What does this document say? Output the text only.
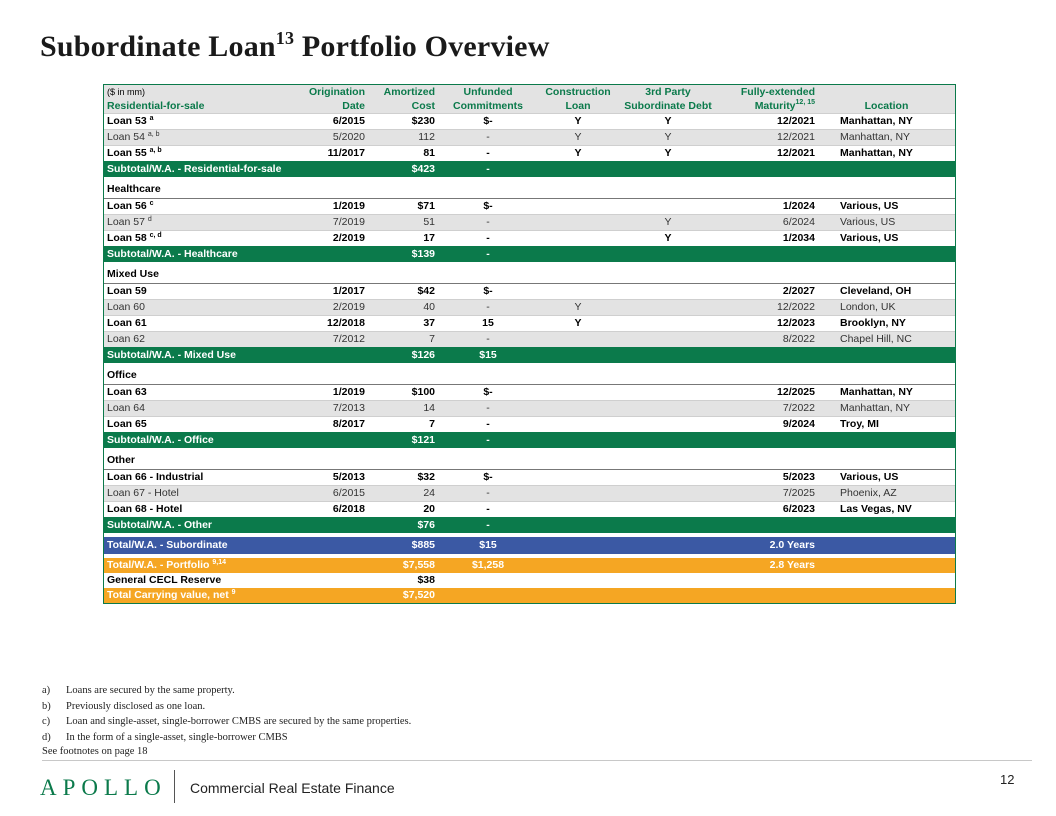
Subordinate Loan$^{13}$ Portfolio Overview
($ in mm)	Origination	Amortized	Unfunded	Construction	3rd Party	Fully-extended	
Residential-for-sale	Date	Cost	Commitments	Loan	Subordinate Debt	Maturity$^{12, 15}$	Location
Loan 53 $^a$	6/2015	$230	$-	Y	Y	12/2021	Manhattan, NY
Loan 54 $^{a, b}$	5/2020	112	-	Y	Y	12/2021	Manhattan, NY
Loan 55 $^{a, b}$	11/2017	81	-	Y	Y	12/2021	Manhattan, NY
Subtotal/W.A. - Residential-for-sale		$423	-				
Healthcare							
Loan 56 $^c$	1/2019	$71	$-			1/2024	Various, US
Loan 57 $^d$	7/2019	51	-		Y	6/2024	Various, US
Loan 58 $^{c, d}$	2/2019	17	-		Y	1/2034	Various, US
Subtotal/W.A. - Healthcare		$139	-				
Mixed Use							
Loan 59	1/2017	$42	$-			2/2027	Cleveland, OH
Loan 60	2/2019	40	-	Y		12/2022	London, UK
Loan 61	12/2018	37	15	Y		12/2023	Brooklyn, NY
Loan 62	7/2012	7	-			8/2022	Chapel Hill, NC
Subtotal/W.A. - Mixed Use		$126	$15				
Office							
Loan 63	1/2019	$100	$-			12/2025	Manhattan, NY
Loan 64	7/2013	14	-			7/2022	Manhattan, NY
Loan 65	8/2017	7	-			9/2024	Troy, MI
Subtotal/W.A. - Office		$121	-				
Other							
Loan 66 - Industrial	5/2013	$32	$-			5/2023	Various, US
Loan 67 - Hotel	6/2015	24	-			7/2025	Phoenix, AZ
Loan 68 - Hotel	6/2018	20	-			6/2023	Las Vegas, NV
Subtotal/W.A. - Other		$76	-				

Total/W.A. - Subordinate		$885	$15			2.0 Years	

Total/W.A. - Portfolio $^{9,14}$		$7,558	$1,258			2.8 Years	
General CECL Reserve		$38					
Total Carrying value, net $^9$		$7,520					
a) Loans are secured by the same property.
b) Previously disclosed as one loan.
c) Loan and single-asset, single-borrower CMBS are secured by the same properties.
d) In the form of a single-asset, single-borrower CMBS
See footnotes on page 18
APOLLO Commercial Real Estate Finance
12
